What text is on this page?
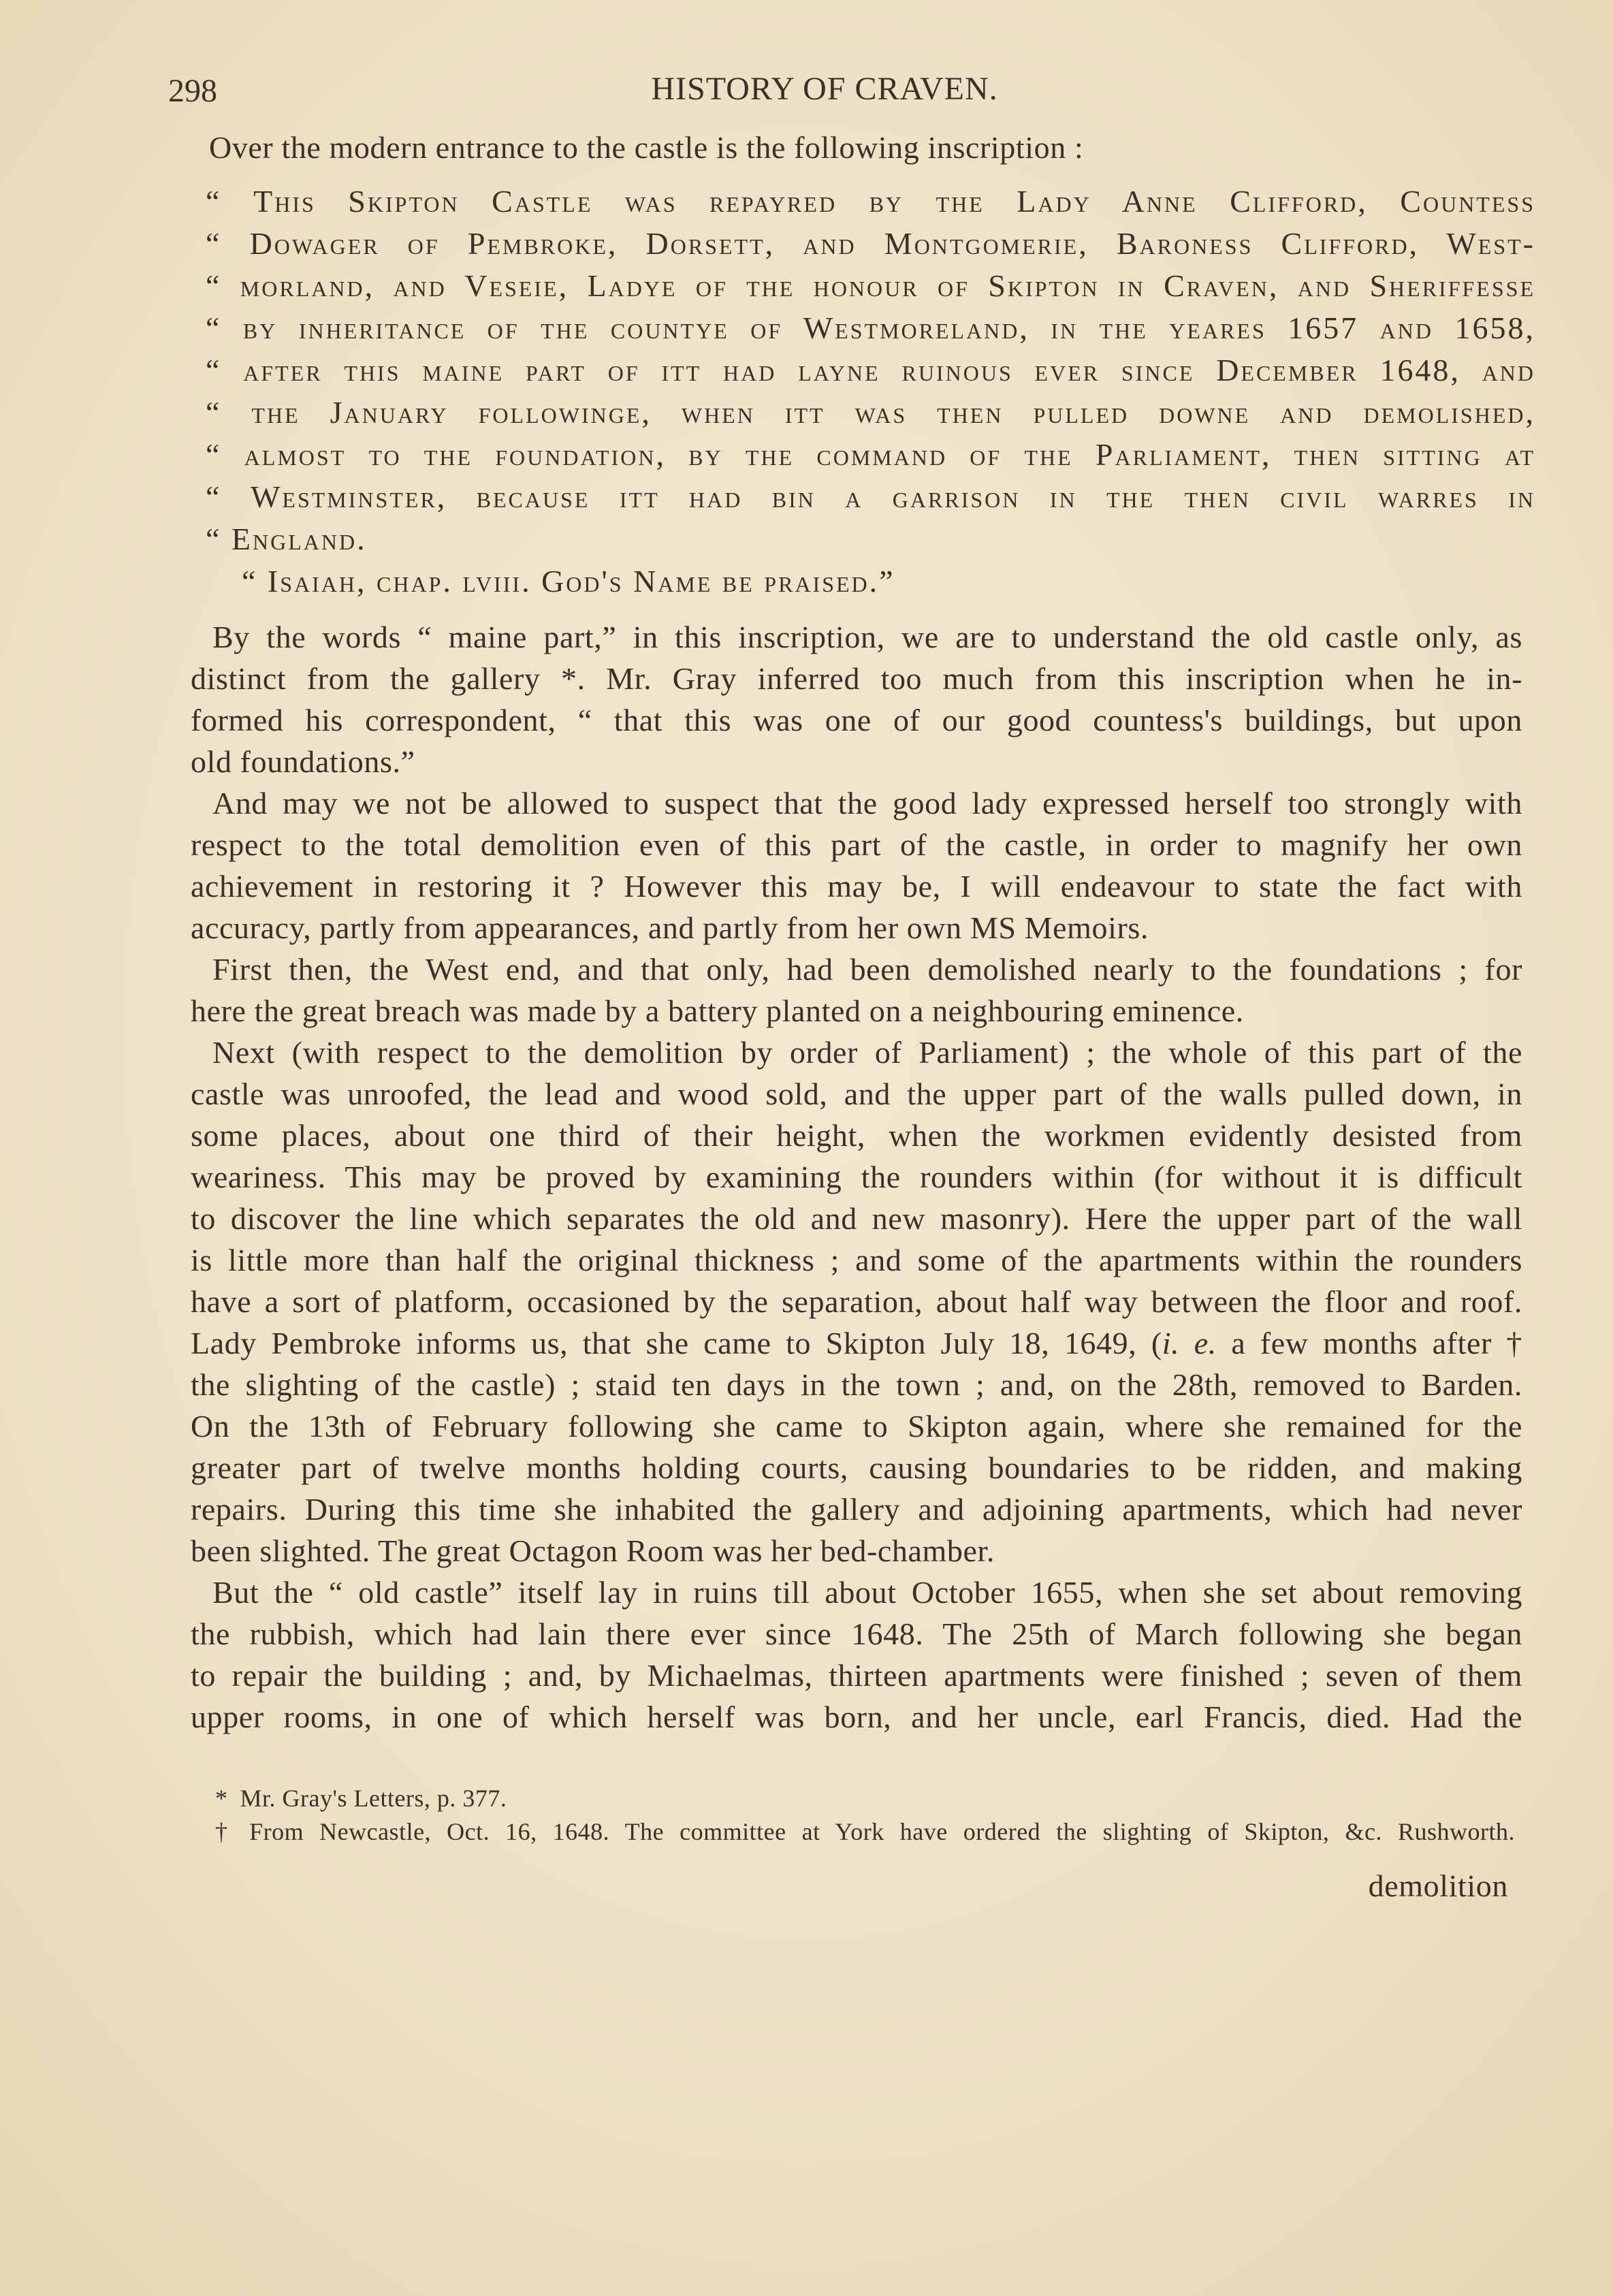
298	HISTORY OF CRAVEN.
Over the modern entrance to the castle is the following inscription :
“ This Skipton Castle was repayred by the Lady Anne Clifford, Countess
“ Dowager of Pembroke, Dorsett, and Montgomerie, Baroness Clifford, West-
“ morland, and Veseie, Ladye of the honour of Skipton in Craven, and Sheriffesse
“ by inheritance of the countye of Westmoreland, in the yeares 1657 and 1658,
“ after this maine part of itt had layne ruinous ever since December 1648, and
“ the January followinge, when itt was then pulled downe and demolished,
“ almost to the foundation, by the command of the Parliament, then sitting at
“ Westminster, because itt had bin a garrison in the then civil warres in
“ England.
“ Isaiah, chap. lviii. God's Name be praised.”
By the words “ maine part,” in this inscription, we are to understand the old castle only, as
distinct from the gallery *. Mr. Gray inferred too much from this inscription when he in-
formed his correspondent, “ that this was one of our good countess's buildings, but upon
old foundations.”
And may we not be allowed to suspect that the good lady expressed herself too strongly with
respect to the total demolition even of this part of the castle, in order to magnify her own
achievement in restoring it ? However this may be, I will endeavour to state the fact with
accuracy, partly from appearances, and partly from her own MS Memoirs.
First then, the West end, and that only, had been demolished nearly to the foundations ; for
here the great breach was made by a battery planted on a neighbouring eminence.
Next (with respect to the demolition by order of Parliament) ; the whole of this part of the
castle was unroofed, the lead and wood sold, and the upper part of the walls pulled down, in
some places, about one third of their height, when the workmen evidently desisted from
weariness. This may be proved by examining the rounders within (for without it is difficult
to discover the line which separates the old and new masonry). Here the upper part of the wall
is little more than half the original thickness ; and some of the apartments within the rounders
have a sort of platform, occasioned by the separation, about half way between the floor and roof.
Lady Pembroke informs us, that she came to Skipton July 18, 1649, (i. e. a few months after †
the slighting of the castle) ; staid ten days in the town ; and, on the 28th, removed to Barden.
On the 13th of February following she came to Skipton again, where she remained for the
greater part of twelve months holding courts, causing boundaries to be ridden, and making
repairs. During this time she inhabited the gallery and adjoining apartments, which had never
been slighted. The great Octagon Room was her bed-chamber.
But the “ old castle” itself lay in ruins till about October 1655, when she set about removing
the rubbish, which had lain there ever since 1648. The 25th of March following she began
to repair the building ; and, by Michaelmas, thirteen apartments were finished ; seven of them
upper rooms, in one of which herself was born, and her uncle, earl Francis, died. Had the
* Mr. Gray's Letters, p. 377.
† From Newcastle, Oct. 16, 1648. The committee at York have ordered the slighting of Skipton, &c. Rushworth.
demolition
